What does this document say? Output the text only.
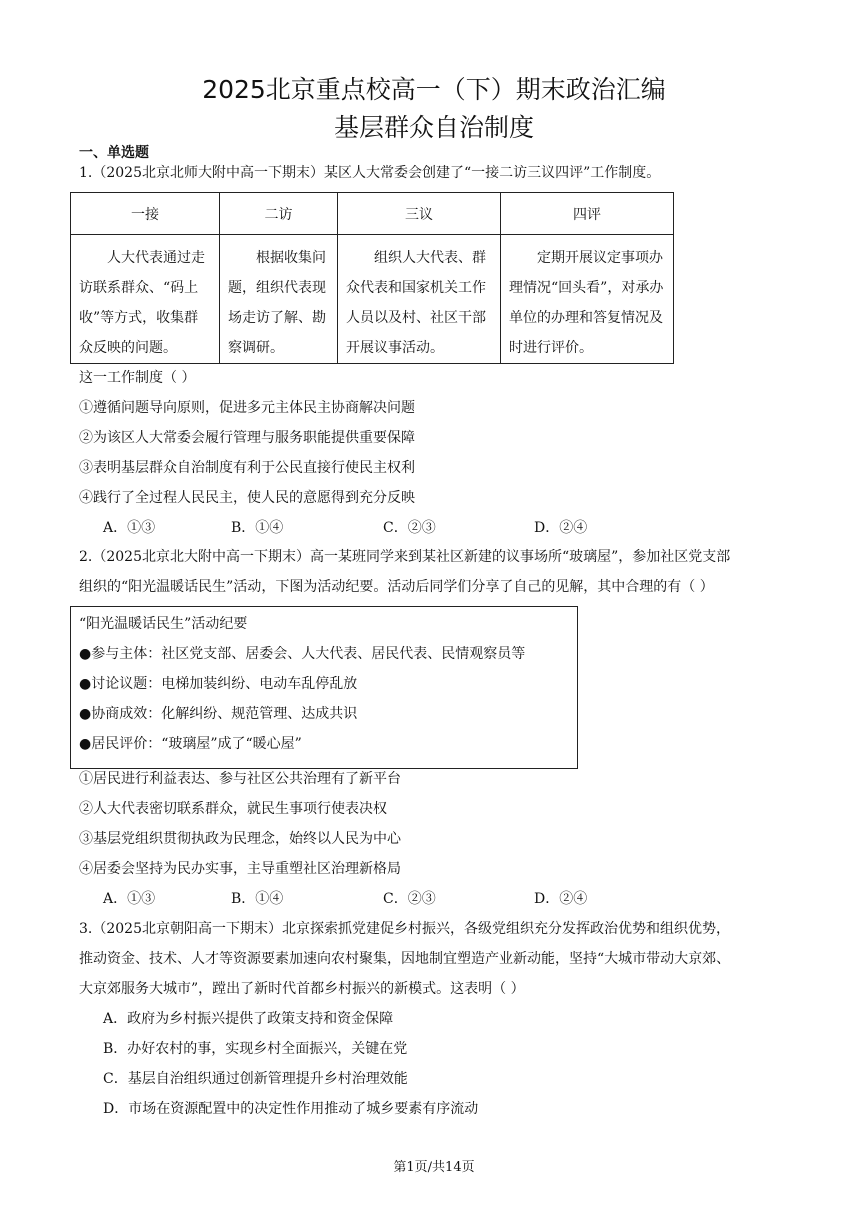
2025北京重点校高一（下）期末政治汇编
基层群众自治制度
一、单选题
1.（2025北京北师大附中高一下期末）某区人大常委会创建了“一接二访三议四评”工作制度。
一接	二访	三议	四评

人大代表通过走访联系群众、“码上收”等方式，收集群众反映的问题。	根据收集问题，组织代表现场走访了解、勘察调研。	组织人大代表、群众代表和国家机关工作人员以及村、社区干部开展议事活动。	定期开展议定事项办理情况“回头看”，对承办单位的办理和答复情况及时进行评价。
这一工作制度（ ）
①遵循问题导向原则，促进多元主体民主协商解决问题
②为该区人大常委会履行管理与服务职能提供重要保障
③表明基层群众自治制度有利于公民直接行使民主权利
④践行了全过程人民民主，使人民的意愿得到充分反映
A．①③	B．①④	C．②③	D．②④
2.（2025北京北大附中高一下期末）高一某班同学来到某社区新建的议事场所“玻璃屋”，参加社区党支部
组织的“阳光温暖话民生”活动，下图为活动纪要。活动后同学们分享了自己的见解，其中合理的有（ ）
“阳光温暖话民生”活动纪要
●参与主体：社区党支部、居委会、人大代表、居民代表、民情观察员等
●讨论议题：电梯加装纠纷、电动车乱停乱放
●协商成效：化解纠纷、规范管理、达成共识
●居民评价：“玻璃屋”成了“暖心屋”
①居民进行利益表达、参与社区公共治理有了新平台
②人大代表密切联系群众，就民生事项行使表决权
③基层党组织贯彻执政为民理念，始终以人民为中心
④居委会坚持为民办实事，主导重塑社区治理新格局
A．①③	B．①④	C．②③	D．②④
3.（2025北京朝阳高一下期末）北京探索抓党建促乡村振兴，各级党组织充分发挥政治优势和组织优势，
推动资金、技术、人才等资源要素加速向农村聚集，因地制宜塑造产业新动能，坚持“大城市带动大京郊、
大京郊服务大城市”，蹚出了新时代首都乡村振兴的新模式。这表明（ ）
A．政府为乡村振兴提供了政策支持和资金保障
B．办好农村的事，实现乡村全面振兴，关键在党
C．基层自治组织通过创新管理提升乡村治理效能
D．市场在资源配置中的决定性作用推动了城乡要素有序流动
第1页/共14页
